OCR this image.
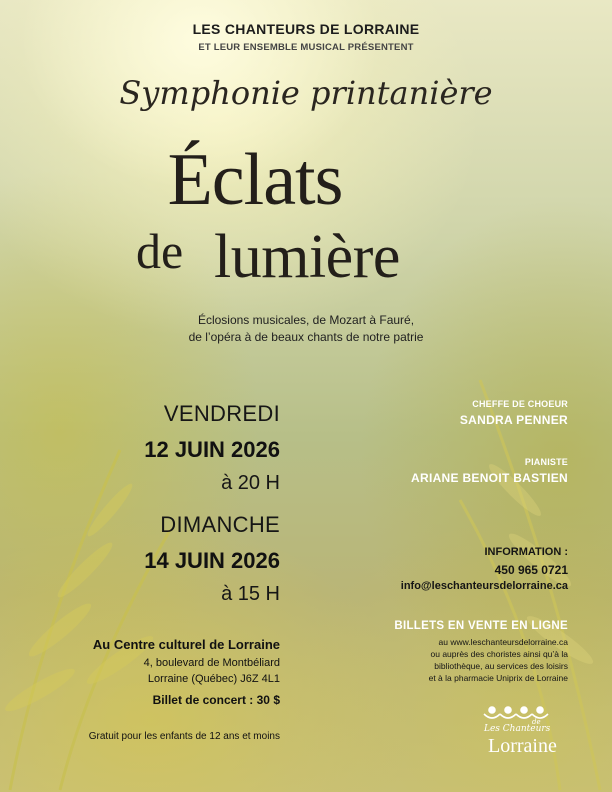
LES CHANTEURS DE LORRAINE
ET LEUR ENSEMBLE MUSICAL PRÉSENTENT
Symphonie printanière
Éclats
de lumière
Éclosions musicales, de Mozart à Fauré,
de l’opéra à de beaux chants de notre patrie
VENDREDI
12 JUIN 2026
à 20 H
DIMANCHE
14 JUIN 2026
à 15 H
Au Centre culturel de Lorraine
4, boulevard de Montbéliard
Lorraine (Québec) J6Z 4L1
Billet de concert : 30 $
Gratuit pour les enfants de 12 ans et moins
CHEFFE DE CHOEUR
SANDRA PENNER
PIANISTE
ARIANE BENOIT BASTIEN
INFORMATION :
450 965 0721
info@leschanteursdelorraine.ca
BILLETS EN VENTE EN LIGNE
au www.leschanteursdelorraine.ca
ou auprès des choristes ainsi qu’à la
bibliothèque, au services des loisirs
et à la pharmacie Uniprix de Lorraine
Les Chanteurs
de
Lorraine
